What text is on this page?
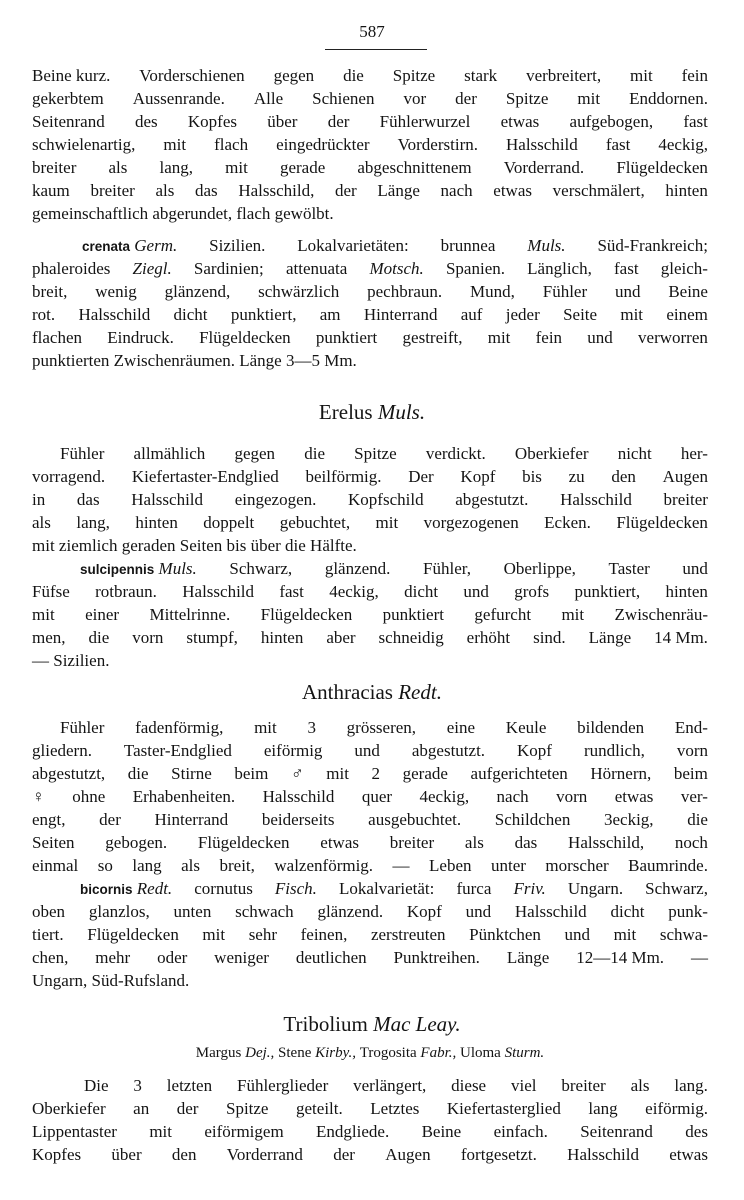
587
Beine kurz. Vorderschienen gegen die Spitze stark verbreitert, mit fein
gekerbtem Aussenrande. Alle Schienen vor der Spitze mit Enddornen.
Seitenrand des Kopfes über der Fühlerwurzel etwas aufgebogen, fast
schwielenartig, mit flach eingedrückter Vorderstirn. Halsschild fast 4eckig,
breiter als lang, mit gerade abgeschnittenem Vorderrand. Flügeldecken
kaum breiter als das Halsschild, der Länge nach etwas verschmälert, hinten
gemeinschaftlich abgerundet, flach gewölbt.
crenata Germ. Sizilien. Lokalvarietäten: brunnea Muls. Süd-Frankreich;
phaleroides Ziegl. Sardinien; attenuata Motsch. Spanien. Länglich, fast gleich-
breit, wenig glänzend, schwärzlich pechbraun. Mund, Fühler und Beine
rot. Halsschild dicht punktiert, am Hinterrand auf jeder Seite mit einem
flachen Eindruck. Flügeldecken punktiert gestreift, mit fein und verworren
punktierten Zwischenräumen. Länge 3—5 Mm.
Erelus Muls.
Fühler allmählich gegen die Spitze verdickt. Oberkiefer nicht her-
vorragend. Kiefertaster-Endglied beilförmig. Der Kopf bis zu den Augen
in das Halsschild eingezogen. Kopfschild abgestutzt. Halsschild breiter
als lang, hinten doppelt gebuchtet, mit vorgezogenen Ecken. Flügeldecken
mit ziemlich geraden Seiten bis über die Hälfte.
sulcipennis Muls. Schwarz, glänzend. Fühler, Oberlippe, Taster und
Füfse rotbraun. Halsschild fast 4eckig, dicht und grofs punktiert, hinten
mit einer Mittelrinne. Flügeldecken punktiert gefurcht mit Zwischenräu-
men, die vorn stumpf, hinten aber schneidig erhöht sind. Länge 14 Mm.
— Sizilien.
Anthracias Redt.
Fühler fadenförmig, mit 3 grösseren, eine Keule bildenden End-
gliedern. Taster-Endglied eiförmig und abgestutzt. Kopf rundlich, vorn
abgestutzt, die Stirne beim ♂ mit 2 gerade aufgerichteten Hörnern, beim
♀ ohne Erhabenheiten. Halsschild quer 4eckig, nach vorn etwas ver-
engt, der Hinterrand beiderseits ausgebuchtet. Schildchen 3eckig, die
Seiten gebogen. Flügeldecken etwas breiter als das Halsschild, noch
einmal so lang als breit, walzenförmig. — Leben unter morscher Baumrinde.
bicornis Redt. cornutus Fisch. Lokalvarietät: furca Friv. Ungarn. Schwarz,
oben glanzlos, unten schwach glänzend. Kopf und Halsschild dicht punk-
tiert. Flügeldecken mit sehr feinen, zerstreuten Pünktchen und mit schwa-
chen, mehr oder weniger deutlichen Punktreihen. Länge 12—14 Mm. —
Ungarn, Süd-Rufsland.
Tribolium Mac Leay.
Margus
Dej.,
Stene
Kirby.,
Trogosita
Fabr.,
Uloma
Sturm.
Die 3 letzten Fühlerglieder verlängert, diese viel breiter als lang.
Oberkiefer an der Spitze geteilt. Letztes Kiefertasterglied lang eiförmig.
Lippentaster mit eiförmigem Endgliede. Beine einfach. Seitenrand des
Kopfes über den Vorderrand der Augen fortgesetzt. Halsschild etwas
